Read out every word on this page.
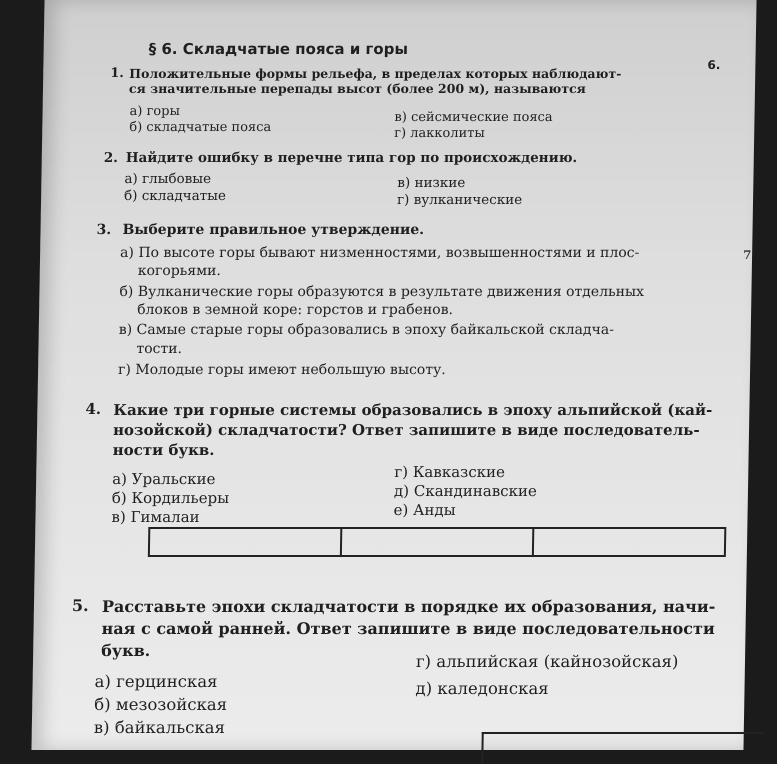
§ 6. Складчатые пояса и горы
6.
7
1. Положительные формы рельефа, в пределах которых наблюдают-
ся значительные перепады высот (более 200 м), называются
а) горы
б) складчатые пояса
в) сейсмические пояса
г) лакколиты
2. Найдите ошибку в перечне типа гор по происхождению.
а) глыбовые
б) складчатые
в) низкие
г) вулканические
3. Выберите правильное утверждение.
а) По высоте горы бывают низменностями, возвышенностями и плос-
когорьями.
б) Вулканические горы образуются в результате движения отдельных
блоков в земной коре: горстов и грабенов.
в) Самые старые горы образовались в эпоху байкальской складча-
тости.
г) Молодые горы имеют небольшую высоту.
4. Какие три горные системы образовались в эпоху альпийской (кай-
нозойской) складчатости? Ответ запишите в виде последователь-
ности букв.
а) Уральские
б) Кордильеры
в) Гималаи
г) Кавказские
д) Скандинавские
е) Анды
5. Расставьте эпохи складчатости в порядке их образования, начи-
ная с самой ранней. Ответ запишите в виде последовательности
букв.
а) герцинская
б) мезозойская
в) байкальская
г) альпийская (кайнозойская)
д) каледонская
